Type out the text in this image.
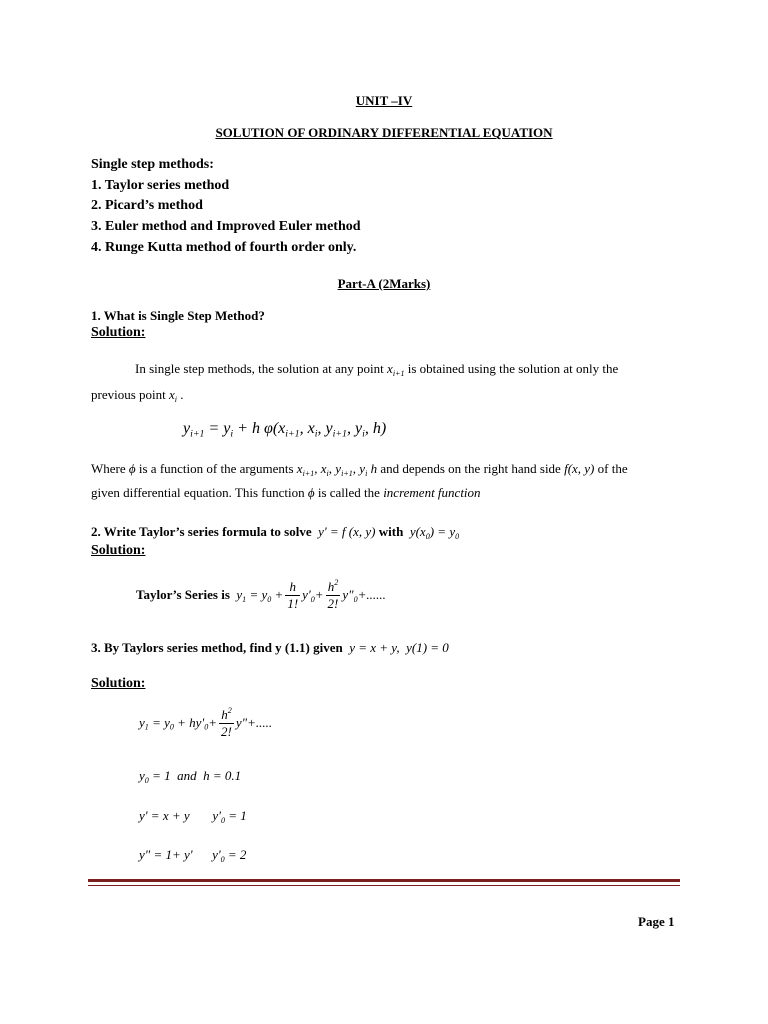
UNIT –IV
SOLUTION OF ORDINARY DIFFERENTIAL EQUATION
Single step methods:
1. Taylor series method
2. Picard’s method
3. Euler method and Improved Euler method
4. Runge Kutta method of fourth order only.
Part-A (2Marks)
1. What is Single Step Method?
Solution:
In single step methods, the solution at any point $x_{i+1}$ is obtained using the solution at only the
previous point $x_i$ .
$y_{i+1} = y_i + h$ $\varphi(x_{i+1}$, $x_i$, $y_{i+1}$, $y_i$, h)
Where ϕ is a function of the arguments $x_{i+1}$, $x_i$, $y_{i+1}$, $y_i$ h and depends on the right hand side f(x, y) of the
given differential equation. This function ϕ is called the increment function
2. Write Taylor’s series formula to solve  y' = f (x, y) with  $y(x_0) = y_0$
Solution:
Taylor’s Series is  $y_1 = y_0 + \frac{h}{1!} y'_0+ \frac{h^2}{2!}$ $y"_0+$......
3. By Taylors series method, find y (1.1) given  y = x + y,  y(1) = 0
Solution:
$y_1 = y_0 + hy'_0+ \frac{h^2}{2!}$ y"+.....
$y_0 = 1$  and  h = 0.1
y' = x + y       $y'_0 = 1$
y" = 1+ y'      $y'_0 = 2$
Page 1
